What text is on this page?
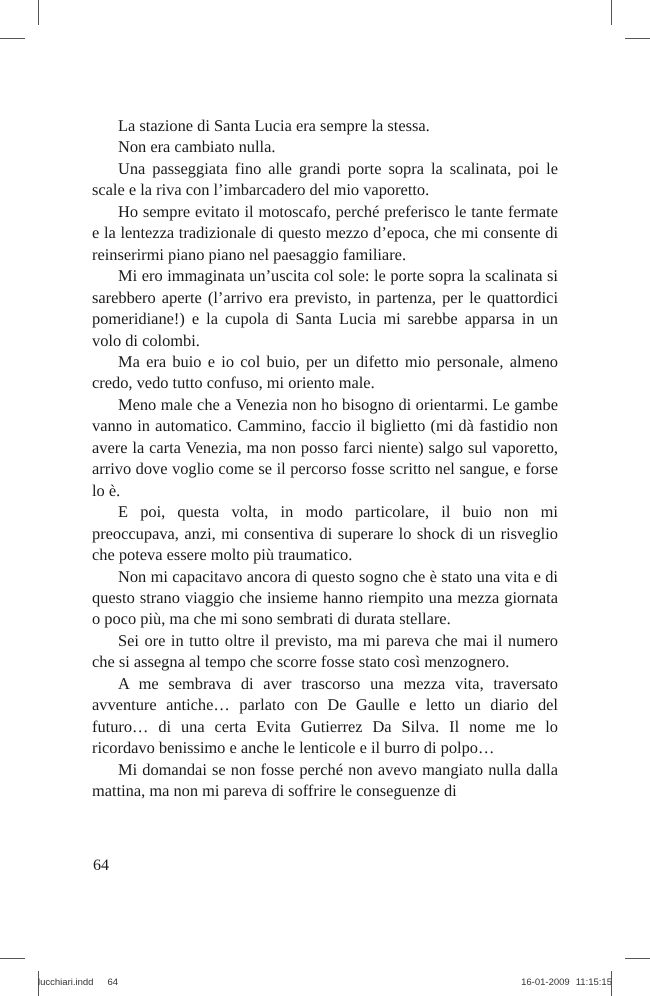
La stazione di Santa Lucia era sempre la stessa.

Non era cambiato nulla.

Una passeggiata fino alle grandi porte sopra la scalinata, poi le scale e la riva con l’imbarcadero del mio vaporetto.

Ho sempre evitato il motoscafo, perché preferisco le tante fermate e la lentezza tradizionale di questo mezzo d’epoca, che mi consente di reinserirmi piano piano nel paesaggio familiare.

Mi ero immaginata un’uscita col sole: le porte sopra la scalinata si sarebbero aperte (l’arrivo era previsto, in partenza, per le quattordici pomeridiane!) e la cupola di Santa Lucia mi sarebbe apparsa in un volo di colombi.

Ma era buio e io col buio, per un difetto mio personale, almeno credo, vedo tutto confuso, mi oriento male.

Meno male che a Venezia non ho bisogno di orientarmi. Le gambe vanno in automatico. Cammino, faccio il biglietto (mi dà fastidio non avere la carta Venezia, ma non posso farci niente) salgo sul vaporetto, arrivo dove voglio come se il percorso fosse scritto nel sangue, e forse lo è.

E poi, questa volta, in modo particolare, il buio non mi preoccupava, anzi, mi consentiva di superare lo shock di un risveglio che poteva essere molto più traumatico.

Non mi capacitavo ancora di questo sogno che è stato una vita e di questo strano viaggio che insieme hanno riempito una mezza giornata o poco più, ma che mi sono sembrati di durata stellare.

Sei ore in tutto oltre il previsto, ma mi pareva che mai il numero che si assegna al tempo che scorre fosse stato così menzognero.

A me sembrava di aver trascorso una mezza vita, traversato avventure antiche… parlato con De Gaulle e letto un diario del futuro… di una certa Evita Gutierrez Da Silva. Il nome me lo ricordavo benissimo e anche le lenticole e il burro di polpo…

Mi domandai se non fosse perché non avevo mangiato nulla dalla mattina, ma non mi pareva di soffrire le conseguenze di

64
lucchiari.indd 64	16-01-2009 11:15:15
